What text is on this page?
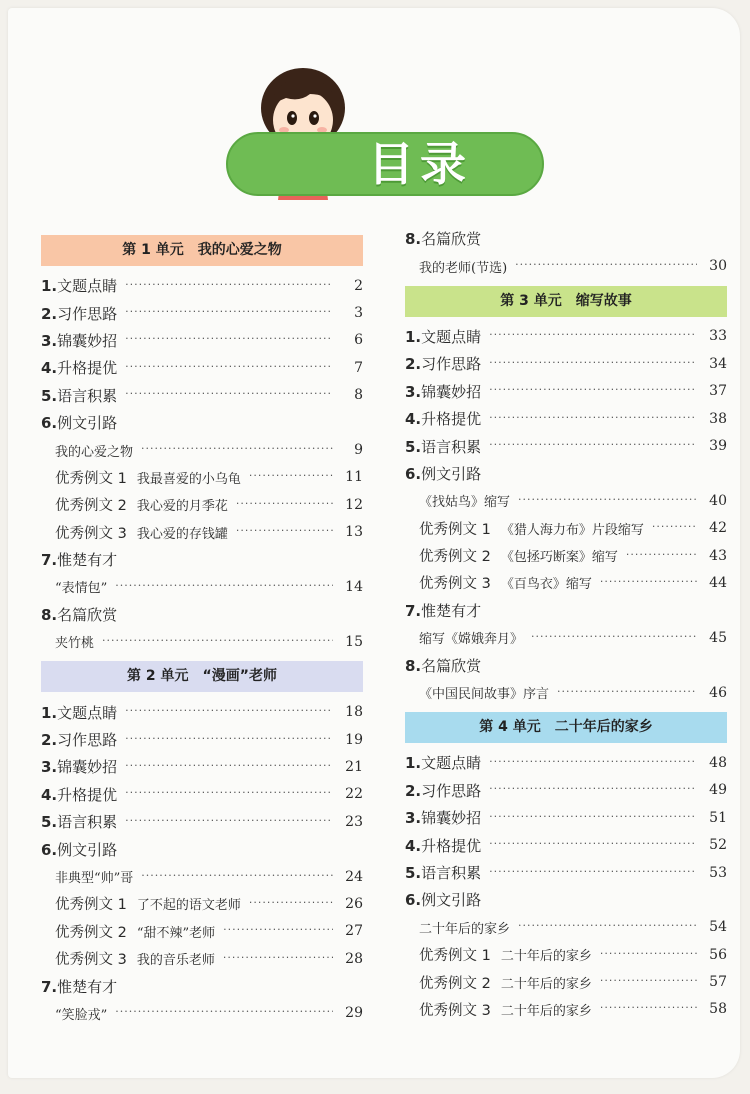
目录
第 1 单元　我的心爱之物
1.文题点睛 ·····	2
2.习作思路 ·····	3
3.锦囊妙招 ·····	6
4.升格提优 ·····	7
5.语言积累 ·····	8
6.例文引路
我的心爱之物 ·····	9
优秀例文 1 我最喜爱的小乌龟 ·····	11
优秀例文 2 我心爱的月季花 ·····	12
优秀例文 3 我心爱的存钱罐 ·····	13
7.惟楚有才
“表情包” ·····	14
8.名篇欣赏
夹竹桃 ·····	15
第 2 单元　“漫画”老师
1.文题点睛 ·····	18
2.习作思路 ·····	19
3.锦囊妙招 ·····	21
4.升格提优 ·····	22
5.语言积累 ·····	23
6.例文引路
非典型“帅”哥 ·····	24
优秀例文 1 了不起的语文老师 ·····	26
优秀例文 2 “甜不辣”老师 ·····	27
优秀例文 3 我的音乐老师 ·····	28
7.惟楚有才
“笑脸戎” ·····	29
8.名篇欣赏
我的老师(节选) ·····	30
第 3 单元　缩写故事
1.文题点睛 ·····	33
2.习作思路 ·····	34
3.锦囊妙招 ·····	37
4.升格提优 ·····	38
5.语言积累 ·····	39
6.例文引路
《找姑鸟》缩写 ·····	40
优秀例文 1 《猎人海力布》片段缩写 ·····	42
优秀例文 2 《包拯巧断案》缩写 ·····	43
优秀例文 3 《百鸟衣》缩写 ·····	44
7.惟楚有才
缩写《嫦娥奔月》 ·····	45
8.名篇欣赏
《中国民间故事》序言 ·····	46
第 4 单元　二十年后的家乡
1.文题点睛 ·····	48
2.习作思路 ·····	49
3.锦囊妙招 ·····	51
4.升格提优 ·····	52
5.语言积累 ·····	53
6.例文引路
二十年后的家乡 ·····	54
优秀例文 1 二十年后的家乡 ·····	56
优秀例文 2 二十年后的家乡 ·····	57
优秀例文 3 二十年后的家乡 ·····	58
